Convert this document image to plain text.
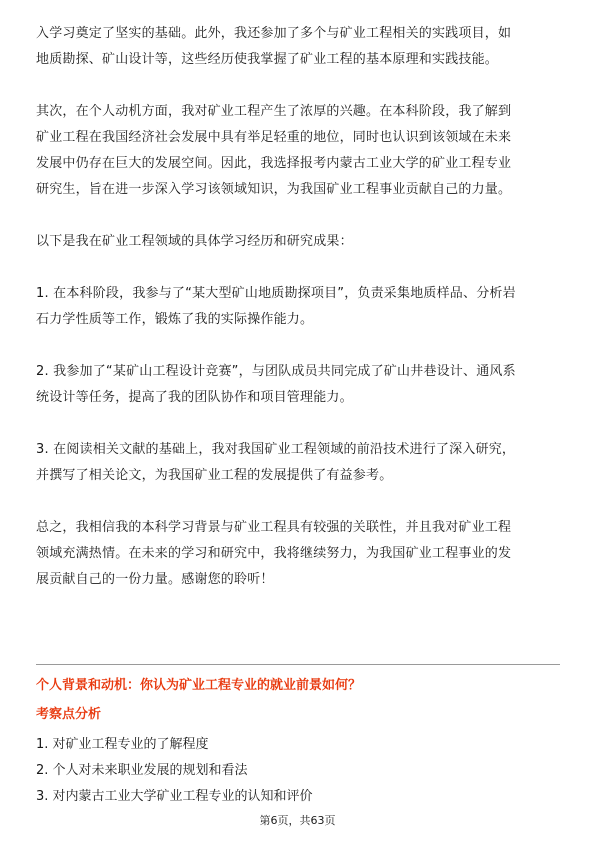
入学习奠定了坚实的基础。此外，我还参加了多个与矿业工程相关的实践项目，如
地质勘探、矿山设计等，这些经历使我掌握了矿业工程的基本原理和实践技能。

其次，在个人动机方面，我对矿业工程产生了浓厚的兴趣。在本科阶段，我了解到
矿业工程在我国经济社会发展中具有举足轻重的地位，同时也认识到该领域在未来
发展中仍存在巨大的发展空间。因此，我选择报考内蒙古工业大学的矿业工程专业
研究生，旨在进一步深入学习该领域知识，为我国矿业工程事业贡献自己的力量。

以下是我在矿业工程领域的具体学习经历和研究成果：

1. 在本科阶段，我参与了“某大型矿山地质勘探项目”，负责采集地质样品、分析岩
石力学性质等工作，锻炼了我的实际操作能力。

2. 我参加了“某矿山工程设计竞赛”，与团队成员共同完成了矿山井巷设计、通风系
统设计等任务，提高了我的团队协作和项目管理能力。

3. 在阅读相关文献的基础上，我对我国矿业工程领域的前沿技术进行了深入研究，
并撰写了相关论文，为我国矿业工程的发展提供了有益参考。

总之，我相信我的本科学习背景与矿业工程具有较强的关联性，并且我对矿业工程
领域充满热情。在未来的学习和研究中，我将继续努力，为我国矿业工程事业的发
展贡献自己的一份力量。感谢您的聆听！

个人背景和动机：你认为矿业工程专业的就业前景如何？
考察点分析
1. 对矿业工程专业的了解程度
2. 个人对未来职业发展的规划和看法
3. 对内蒙古工业大学矿业工程专业的认知和评价
第6页，共63页
